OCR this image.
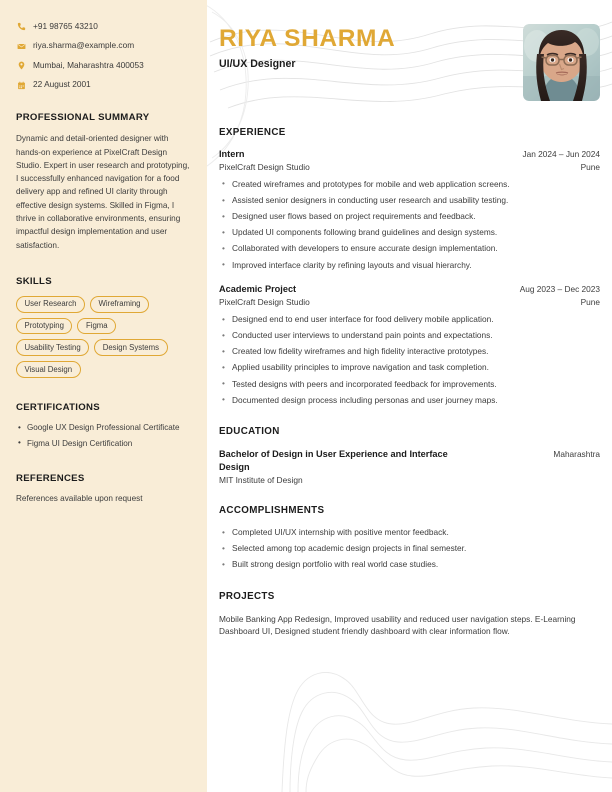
+91 98765 43210
riya.sharma@example.com
Mumbai, Maharashtra 400053
22 August 2001
PROFESSIONAL SUMMARY

Dynamic and detail-oriented designer with hands-on experience at PixelCraft Design Studio. Expert in user research and prototyping, I successfully enhanced navigation for a food delivery app and refined UI clarity through effective design systems. Skilled in Figma, I thrive in collaborative environments, ensuring impactful design implementation and user satisfaction.

SKILLS
User Research	Wireframing
Prototyping	Figma
Usability Testing	Design Systems
Visual Design
CERTIFICATIONS
• Google UX Design Professional Certificate
• Figma UI Design Certification
REFERENCES

References available upon request

RIYA SHARMA
UI/UX Designer
EXPERIENCE
Intern	Jan 2024 – Jun 2024
PixelCraft Design Studio	Pune
• Created wireframes and prototypes for mobile and web application screens.
• Assisted senior designers in conducting user research and usability testing.
• Designed user flows based on project requirements and feedback.
• Updated UI components following brand guidelines and design systems.
• Collaborated with developers to ensure accurate design implementation.
• Improved interface clarity by refining layouts and visual hierarchy.
Academic Project	Aug 2023 – Dec 2023
PixelCraft Design Studio	Pune
• Designed end to end user interface for food delivery mobile application.
• Conducted user interviews to understand pain points and expectations.
• Created low fidelity wireframes and high fidelity interactive prototypes.
• Applied usability principles to improve navigation and task completion.
• Tested designs with peers and incorporated feedback for improvements.
• Documented design process including personas and user journey maps.
EDUCATION
Bachelor of Design in User Experience and Interface Design
Maharashtra
MIT Institute of Design
ACCOMPLISHMENTS
• Completed UI/UX internship with positive mentor feedback.
• Selected among top academic design projects in final semester.
• Built strong design portfolio with real world case studies.
PROJECTS

Mobile Banking App Redesign, Improved usability and reduced user navigation steps. E-Learning Dashboard UI, Designed student friendly dashboard with clear information flow.
